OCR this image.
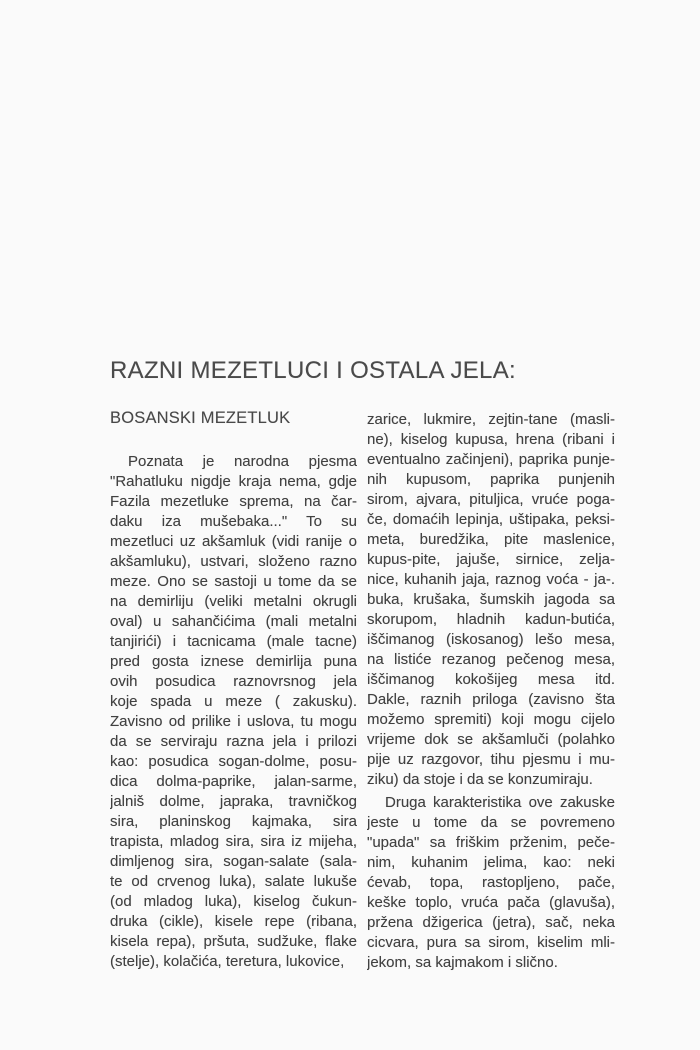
RAZNI MEZETLUCI I OSTALA JELA:
BOSANSKI MEZETLUK
Poznata je narodna pjesma
"Rahatluku nigdje kraja nema, gdje
Fazila mezetluke sprema, na čar-
daku iza mušebaka..." To su
mezetluci uz akšamluk (vidi ranije o
akšamluku), ustvari, složeno razno
meze. Ono se sastoji u tome da se
na demirliju (veliki metalni okrugli
oval) u sahančićima (mali metalni
tanjirići) i tacnicama (male tacne)
pred gosta iznese demirlija puna
ovih posudica raznovrsnog jela
koje spada u meze ( zakusku).
Zavisno od prilike i uslova, tu mogu
da se serviraju razna jela i prilozi
kao: posudica sogan-dolme, posu-
dica dolma-paprike, jalan-sarme,
jalniš dolme, japraka, travničkog
sira, planinskog kajmaka, sira
trapista, mladog sira, sira iz mijeha,
dimljenog sira, sogan-salate (sala-
te od crvenog luka), salate lukuše
(od mladog luka), kiselog čukun-
druka (cikle), kisele repe (ribana,
kisela repa), pršuta, sudžuke, flake
(stelje), kolačića, teretura, lukovice,
zarice, lukmire, zejtin-tane (masli-
ne), kiselog kupusa, hrena (ribani i
eventualno začinjeni), paprika punje-
nih kupusom, paprika punjenih
sirom, ajvara, pituljica, vruće poga-
če, domaćih lepinja, uštipaka, peksi-
meta, buredžika, pite maslenice,
kupus-pite, jajuše, sirnice, zelja-
nice, kuhanih jaja, raznog voća - ja-.
buka, krušaka, šumskih jagoda sa
skorupom, hladnih kadun-butića,
iščimanog (iskosanog) lešo mesa,
na listiće rezanog pečenog mesa,
iščimanog kokošijeg mesa itd.
Dakle, raznih priloga (zavisno šta
možemo spremiti) koji mogu cijelo
vrijeme dok se akšamluči (polahko
pije uz razgovor, tihu pjesmu i mu-
ziku) da stoje i da se konzumiraju.
Druga karakteristika ove zakuske
jeste u tome da se povremeno
"upada" sa friškim prženim, peče-
nim, kuhanim jelima, kao: neki
ćevab, topa, rastopljeno, pače,
keške toplo, vruća pača (glavuša),
pržena džigerica (jetra), sač, neka
cicvara, pura sa sirom, kiselim mli-
jekom, sa kajmakom i slično.
